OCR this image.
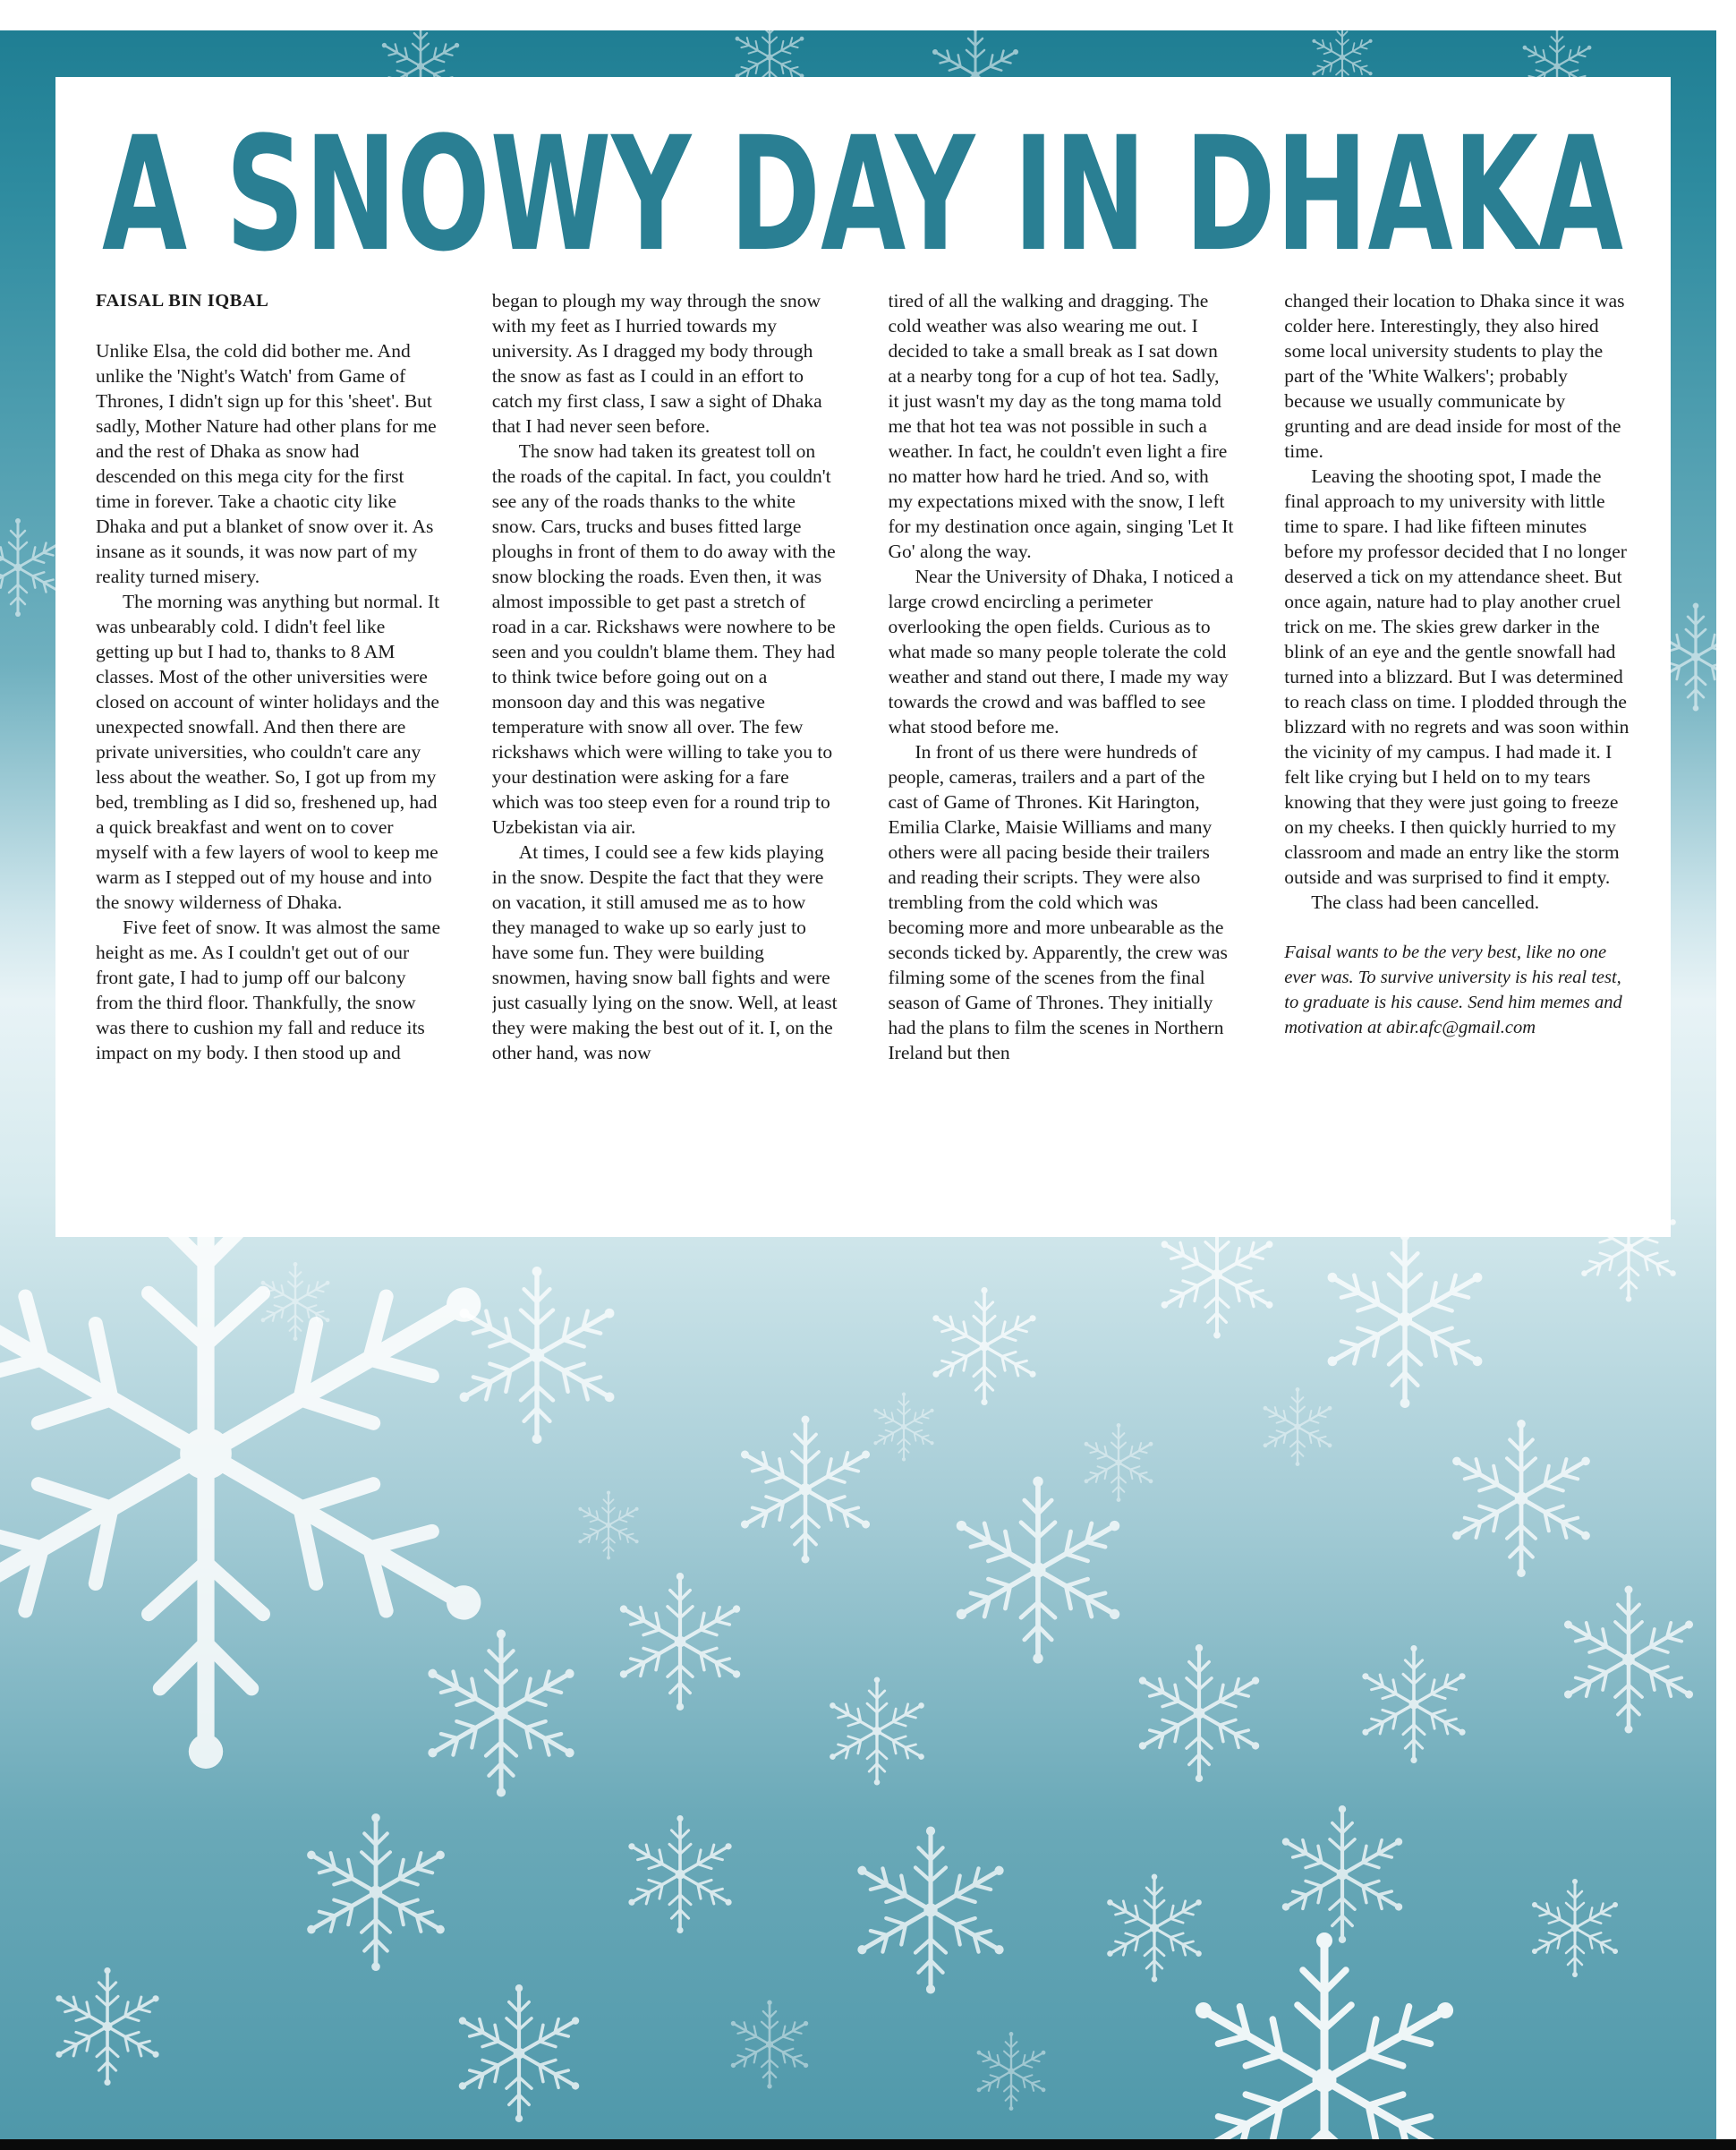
A SNOWY DAY IN DHAKA
FAISAL BIN IQBAL

Unlike Elsa, the cold did bother me. And unlike the 'Night's Watch' from Game of Thrones, I didn't sign up for this 'sheet'. But sadly, Mother Nature had other plans for me and the rest of Dhaka as snow had descended on this mega city for the first time in forever. Take a chaotic city like Dhaka and put a blanket of snow over it. As insane as it sounds, it was now part of my reality turned misery.

The morning was anything but normal. It was unbearably cold. I didn't feel like getting up but I had to, thanks to 8 AM classes. Most of the other universities were closed on account of winter holidays and the unexpected snowfall. And then there are private universities, who couldn't care any less about the weather. So, I got up from my bed, trembling as I did so, freshened up, had a quick breakfast and went on to cover myself with a few layers of wool to keep me warm as I stepped out of my house and into the snowy wilderness of Dhaka.

Five feet of snow. It was almost the same height as me. As I couldn't get out of our front gate, I had to jump off our balcony from the third floor. Thankfully, the snow was there to cushion my fall and reduce its impact on my body. I then stood up and

began to plough my way through the snow with my feet as I hurried towards my university. As I dragged my body through the snow as fast as I could in an effort to catch my first class, I saw a sight of Dhaka that I had never seen before.

The snow had taken its greatest toll on the roads of the capital. In fact, you couldn't see any of the roads thanks to the white snow. Cars, trucks and buses fitted large ploughs in front of them to do away with the snow blocking the roads. Even then, it was almost impossible to get past a stretch of road in a car. Rickshaws were nowhere to be seen and you couldn't blame them. They had to think twice before going out on a monsoon day and this was negative temperature with snow all over. The few rickshaws which were willing to take you to your destination were asking for a fare which was too steep even for a round trip to Uzbekistan via air.

At times, I could see a few kids playing in the snow. Despite the fact that they were on vacation, it still amused me as to how they managed to wake up so early just to have some fun. They were building snowmen, having snow ball fights and were just casually lying on the snow. Well, at least they were making the best out of it. I, on the other hand, was now

tired of all the walking and dragging. The cold weather was also wearing me out. I decided to take a small break as I sat down at a nearby tong for a cup of hot tea. Sadly, it just wasn't my day as the tong mama told me that hot tea was not possible in such a weather. In fact, he couldn't even light a fire no matter how hard he tried. And so, with my expectations mixed with the snow, I left for my destination once again, singing 'Let It Go' along the way.

Near the University of Dhaka, I noticed a large crowd encircling a perimeter overlooking the open fields. Curious as to what made so many people tolerate the cold weather and stand out there, I made my way towards the crowd and was baffled to see what stood before me.

In front of us there were hundreds of people, cameras, trailers and a part of the cast of Game of Thrones. Kit Harington, Emilia Clarke, Maisie Williams and many others were all pacing beside their trailers and reading their scripts. They were also trembling from the cold which was becoming more and more unbearable as the seconds ticked by. Apparently, the crew was filming some of the scenes from the final season of Game of Thrones. They initially had the plans to film the scenes in Northern Ireland but then

changed their location to Dhaka since it was colder here. Interestingly, they also hired some local university students to play the part of the 'White Walkers'; probably because we usually communicate by grunting and are dead inside for most of the time.

Leaving the shooting spot, I made the final approach to my university with little time to spare. I had like fifteen minutes before my professor decided that I no longer deserved a tick on my attendance sheet. But once again, nature had to play another cruel trick on me. The skies grew darker in the blink of an eye and the gentle snowfall had turned into a blizzard. But I was determined to reach class on time. I plodded through the blizzard with no regrets and was soon within the vicinity of my campus. I had made it. I felt like crying but I held on to my tears knowing that they were just going to freeze on my cheeks. I then quickly hurried to my classroom and made an entry like the storm outside and was surprised to find it empty.

The class had been cancelled.

Faisal wants to be the very best, like no one ever was. To survive university is his real test, to graduate is his cause. Send him memes and motivation at abir.afc@gmail.com
